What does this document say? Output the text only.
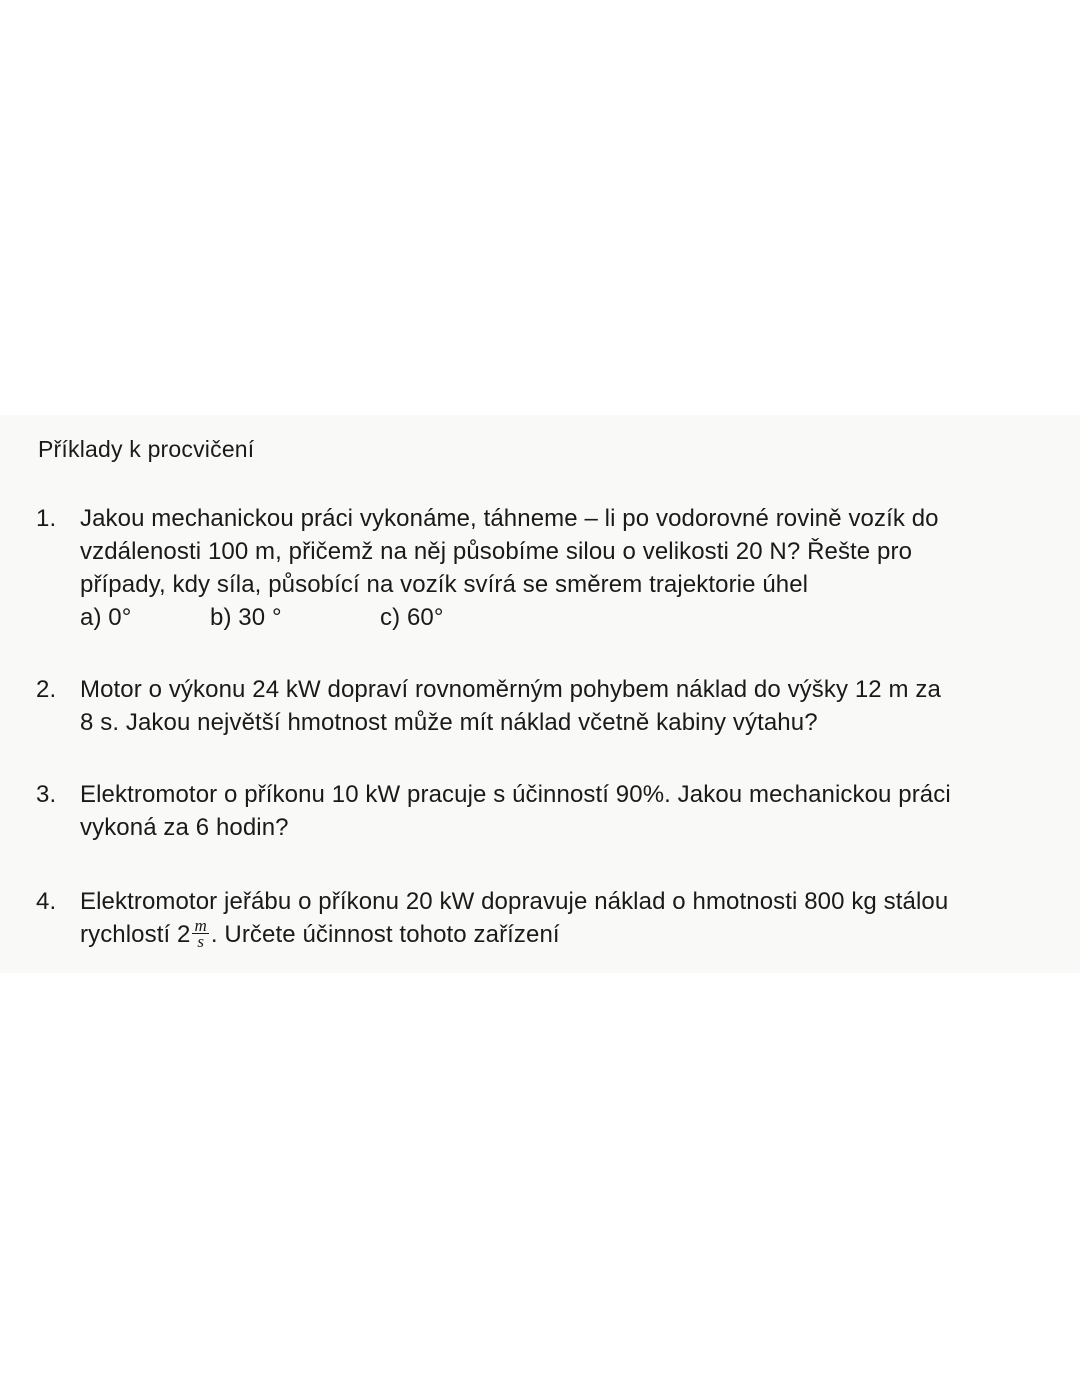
Příklady k procvičení
1. Jakou mechanickou práci vykonáme, táhneme – li po vodorovné rovině vozík do
vzdálenosti 100 m, přičemž na něj působíme silou o velikosti 20 N? Řešte pro
případy, kdy síla, působící na vozík svírá se směrem trajektorie úhel
a) 0°	b) 30 °	c) 60°
2. Motor o výkonu 24 kW dopraví rovnoměrným pohybem náklad do výšky 12 m za
8 s. Jakou největší hmotnost může mít náklad včetně kabiny výtahu?
3. Elektromotor o příkonu 10 kW pracuje s účinností 90%. Jakou mechanickou práci
vykoná za 6 hodin?
4. Elektromotor jeřábu o příkonu 20 kW dopravuje náklad o hmotnosti 800 kg stálou
rychlostí $2 \frac{m}{s}$ . Určete účinnost tohoto zařízení
